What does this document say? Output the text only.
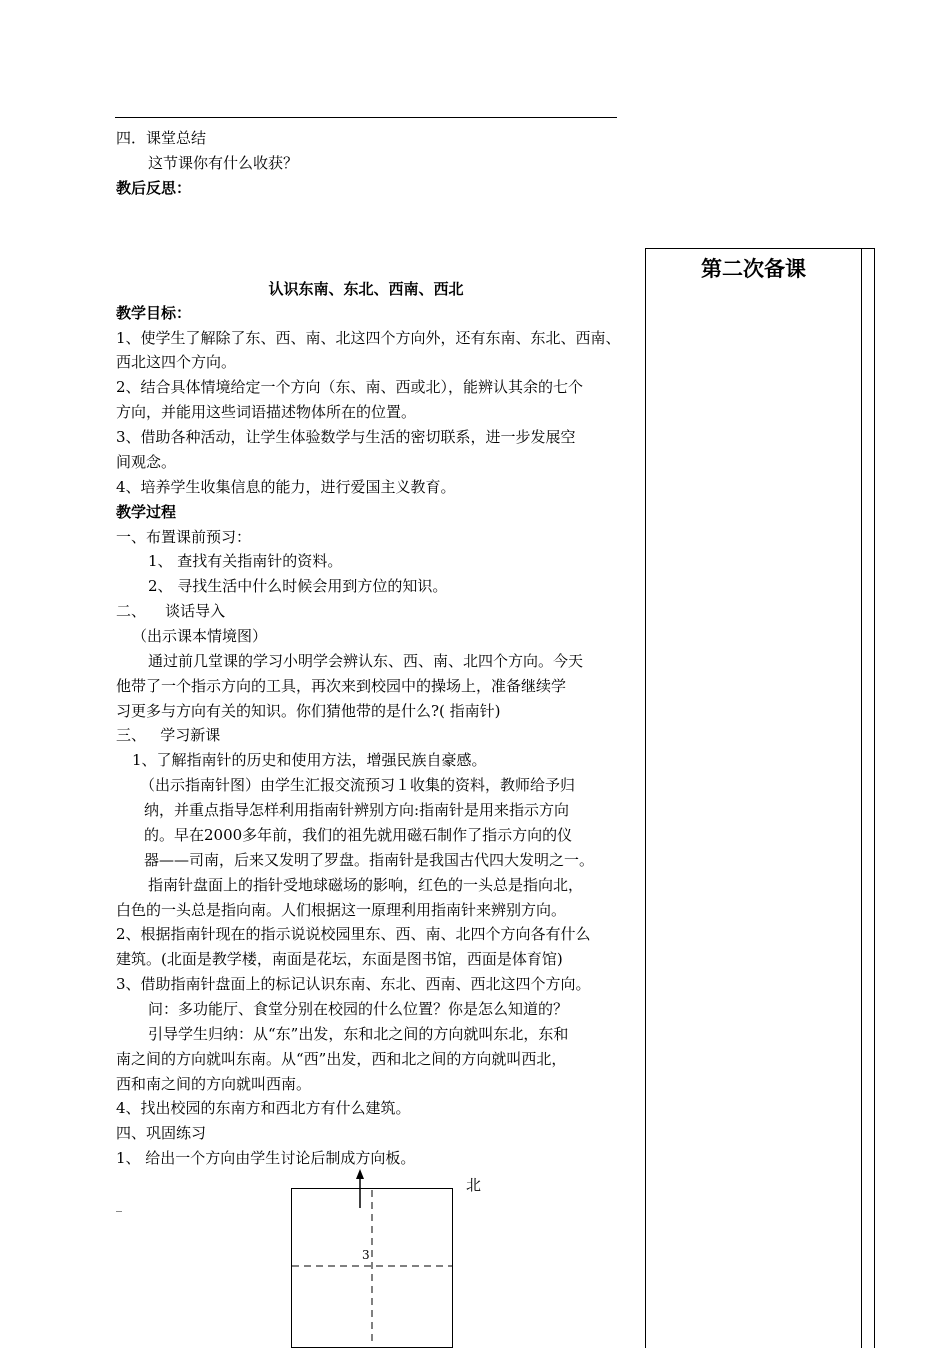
四．课堂总结
这节课你有什么收获？
教后反思：
第二次备课
认识东南、东北、西南、西北
教学目标：
1、使学生了解除了东、西、南、北这四个方向外，还有东南、东北、西南、
西北这四个方向。
2、结合具体情境给定一个方向（东、南、西或北），能辨认其余的七个
方向，并能用这些词语描述物体所在的位置。
3、借助各种活动，让学生体验数学与生活的密切联系，进一步发展空
间观念。
4、培养学生收集信息的能力，进行爱国主义教育。
教学过程
一、布置课前预习：
1、 查找有关指南针的资料。
2、 寻找生活中什么时候会用到方位的知识。
二、    谈话导入
（出示课本情境图）
通过前几堂课的学习小明学会辨认东、西、南、北四个方向。今天
他带了一个指示方向的工具，再次来到校园中的操场上，准备继续学
习更多与方向有关的知识。你们猜他带的是什么?( 指南针)
三、   学习新课
1、了解指南针的历史和使用方法，增强民族自豪感。
（出示指南针图）由学生汇报交流预习１收集的资料，教师给予归
纳，并重点指导怎样利用指南针辨别方向:指南针是用来指示方向
的。早在2000多年前，我们的祖先就用磁石制作了指示方向的仪
器——司南，后来又发明了罗盘。指南针是我国古代四大发明之一。
指南针盘面上的指针受地球磁场的影响，红色的一头总是指向北，
白色的一头总是指向南。人们根据这一原理利用指南针来辨别方向。
2、根据指南针现在的指示说说校园里东、西、南、北四个方向各有什么
建筑。(北面是教学楼，南面是花坛，东面是图书馆，西面是体育馆)
3、借助指南针盘面上的标记认识东南、东北、西南、西北这四个方向。
问：多功能厅、食堂分别在校园的什么位置？你是怎么知道的？
引导学生归纳：从“东”出发，东和北之间的方向就叫东北，东和
南之间的方向就叫东南。从“西”出发，西和北之间的方向就叫西北，
西和南之间的方向就叫西南。
4、找出校园的东南方和西北方有什么建筑。
四、巩固练习
1、 给出一个方向由学生讨论后制成方向板。
_
北
3
